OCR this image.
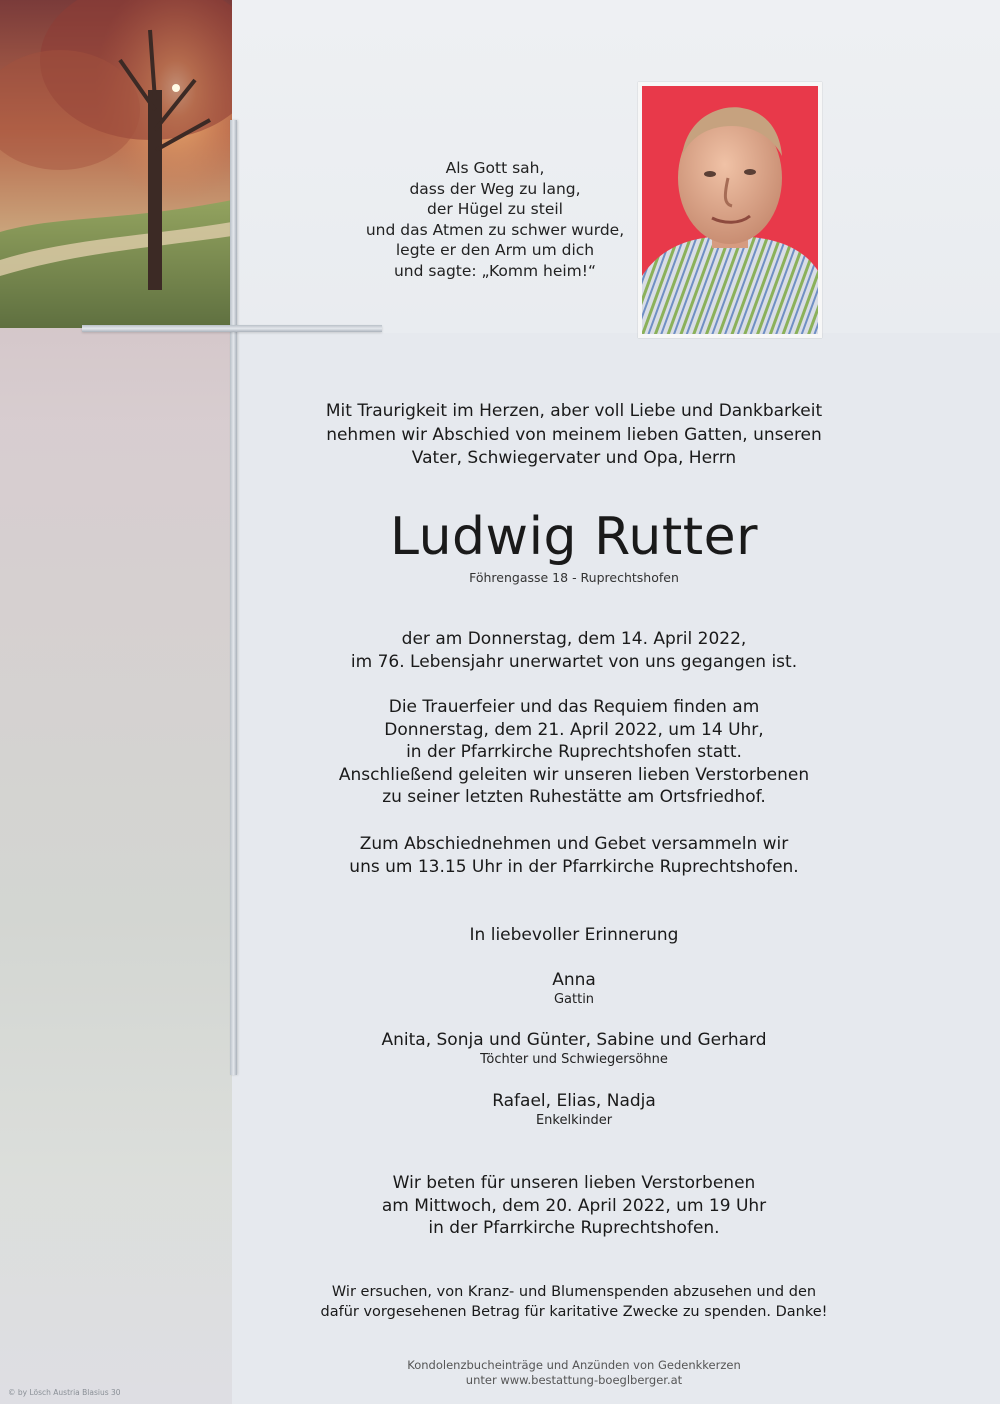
Als Gott sah,
dass der Weg zu lang,
der Hügel zu steil
und das Atmen zu schwer wurde,
legte er den Arm um dich
und sagte: „Komm heim!“
Mit Traurigkeit im Herzen, aber voll Liebe und Dankbarkeit
nehmen wir Abschied von meinem lieben Gatten, unseren
Vater, Schwiegervater und Opa, Herrn
Ludwig Rutter
Föhrengasse 18 - Ruprechtshofen
der am Donnerstag, dem 14. April 2022,
im 76. Lebensjahr unerwartet von uns gegangen ist.
Die Trauerfeier und das Requiem finden am
Donnerstag, dem 21. April 2022, um 14 Uhr,
in der Pfarrkirche Ruprechtshofen statt.
Anschließend geleiten wir unseren lieben Verstorbenen
zu seiner letzten Ruhestätte am Ortsfriedhof.
Zum Abschiednehmen und Gebet versammeln wir
uns um 13.15 Uhr in der Pfarrkirche Ruprechtshofen.
In liebevoller Erinnerung
Anna
Gattin
Anita, Sonja und Günter, Sabine und Gerhard
Töchter und Schwiegersöhne
Rafael, Elias, Nadja
Enkelkinder
Wir beten für unseren lieben Verstorbenen
am Mittwoch, dem 20. April 2022, um 19 Uhr
in der Pfarrkirche Ruprechtshofen.
Wir ersuchen, von Kranz- und Blumenspenden abzusehen und den
dafür vorgesehenen Betrag für karitative Zwecke zu spenden. Danke!
Kondolenzbucheinträge und Anzünden von Gedenkkerzen
unter www.bestattung-boeglberger.at
© by Lösch Austria Blasius 30
